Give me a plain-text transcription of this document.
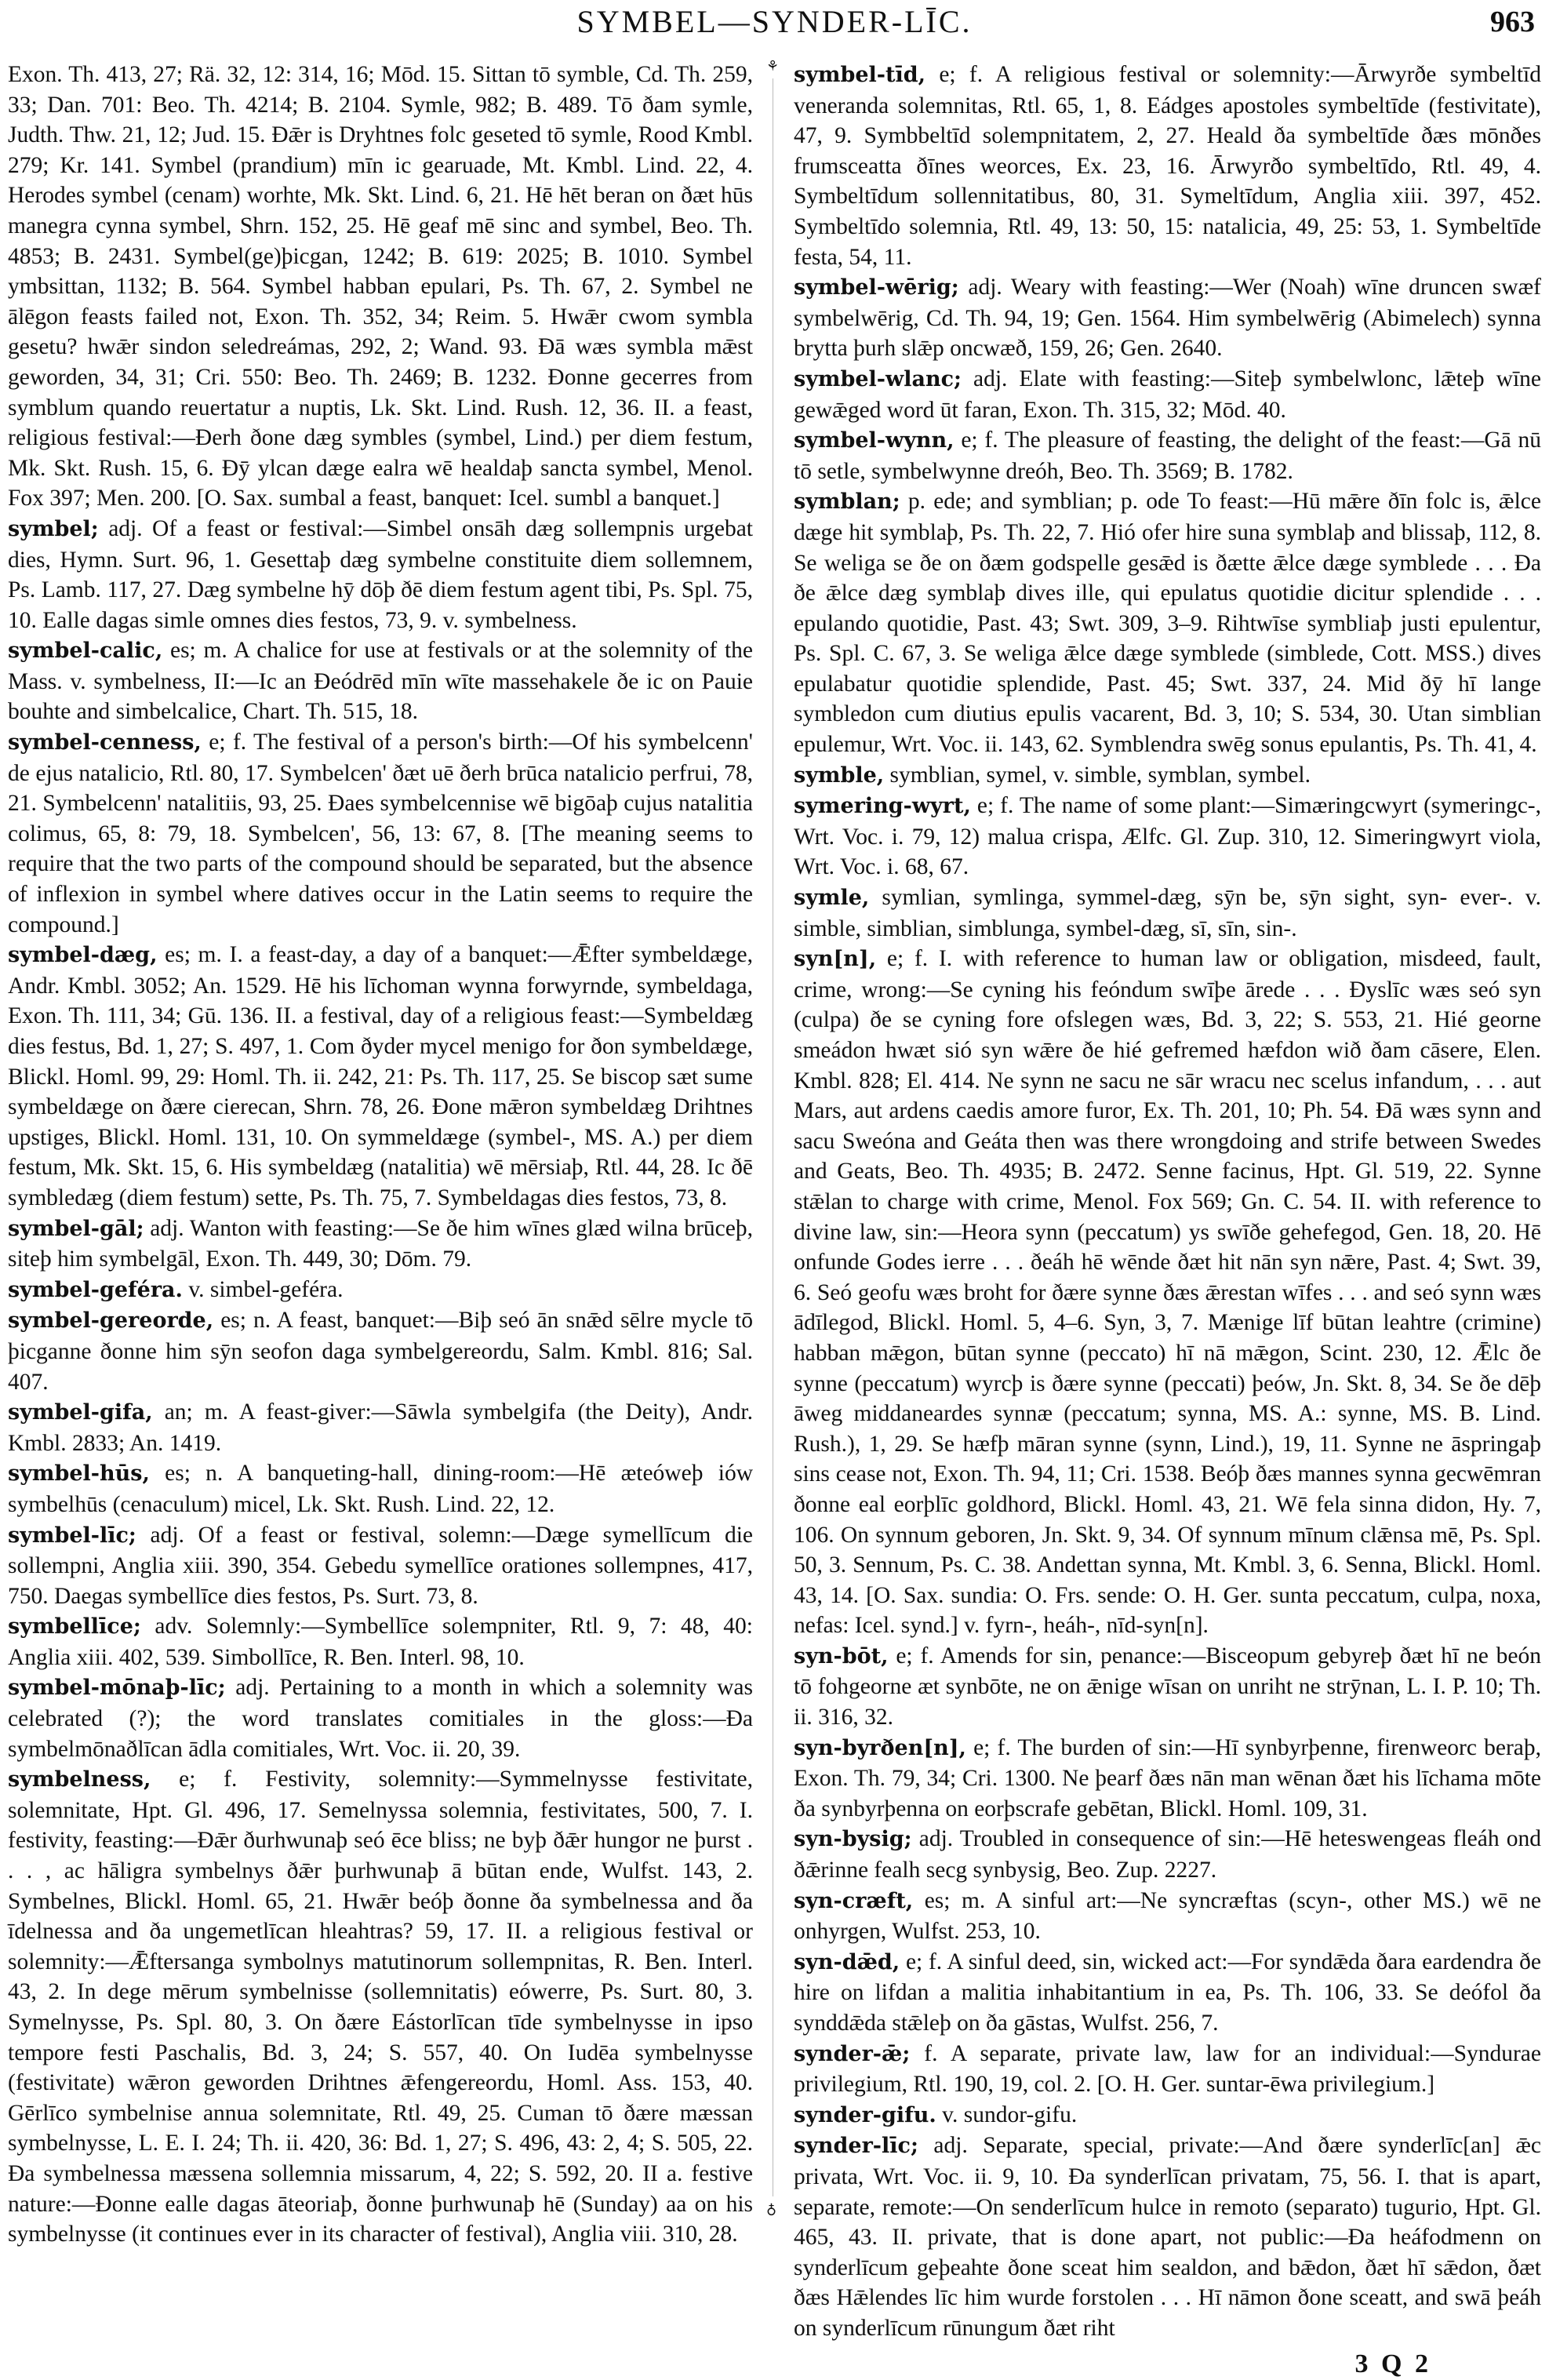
SYMBEL—SYNDER-LĪC.	963
⚘
♁

Exon. Th. 413, 27; Rä. 32, 12: 314, 16; Mōd. 15. Sittan tō symble, Cd. Th. 259, 33; Dan. 701: Beo. Th. 4214; B. 2104. Symle, 982; B. 489. Tō ðam symle, Judth. Thw. 21, 12; Jud. 15. Ðǣr is Dryhtnes folc geseted tō symle, Rood Kmbl. 279; Kr. 141. Symbel (prandium) mīn ic gearuade, Mt. Kmbl. Lind. 22, 4. Herodes symbel (cenam) worhte, Mk. Skt. Lind. 6, 21. Hē hēt beran on ðæt hūs manegra cynna symbel, Shrn. 152, 25. Hē geaf mē sinc and symbel, Beo. Th. 4853; B. 2431. Symbel(ge)þicgan, 1242; B. 619: 2025; B. 1010. Symbel ymbsittan, 1132; B. 564. Symbel habban epulari, Ps. Th. 67, 2. Symbel ne ālēgon feasts failed not, Exon. Th. 352, 34; Reim. 5. Hwǣr cwom symbla gesetu? hwǣr sindon seledreámas, 292, 2; Wand. 93. Ðā wæs symbla mǣst geworden, 34, 31; Cri. 550: Beo. Th. 2469; B. 1232. Ðonne gecerres from symblum quando reuertatur a nuptis, Lk. Skt. Lind. Rush. 12, 36. II. a feast, religious festival:—Ðerh ðone dæg symbles (symbel, Lind.) per diem festum, Mk. Skt. Rush. 15, 6. Ðȳ ylcan dæge ealra wē healdaþ sancta symbel, Menol. Fox 397; Men. 200. [O. Sax. sumbal a feast, banquet: Icel. sumbl a banquet.]

symbel; adj. Of a feast or festival:—Simbel onsāh dæg sollempnis urgebat dies, Hymn. Surt. 96, 1. Gesettaþ dæg symbelne constituite diem sollemnem, Ps. Lamb. 117, 27. Dæg symbelne hȳ dōþ ðē diem festum agent tibi, Ps. Spl. 75, 10. Ealle dagas simle omnes dies festos, 73, 9. v. symbelness.

symbel-calic, es; m. A chalice for use at festivals or at the solemnity of the Mass. v. symbelness, II:—Ic an Ðeódrēd mīn wīte massehakele ðe ic on Pauie bouhte and simbelcalice, Chart. Th. 515, 18.

symbel-cenness, e; f. The festival of a person's birth:—Of his symbelcenn' de ejus natalicio, Rtl. 80, 17. Symbelcen' ðæt uē ðerh brūca natalicio perfrui, 78, 21. Symbelcenn' natalitiis, 93, 25. Ðaes symbelcennise wē bigōaþ cujus natalitia colimus, 65, 8: 79, 18. Symbelcen', 56, 13: 67, 8. [The meaning seems to require that the two parts of the compound should be separated, but the absence of inflexion in symbel where datives occur in the Latin seems to require the compound.]

symbel-dæg, es; m. I. a feast-day, a day of a banquet:—Ǣfter symbeldæge, Andr. Kmbl. 3052; An. 1529. Hē his līchoman wynna forwyrnde, symbeldaga, Exon. Th. 111, 34; Gū. 136. II. a festival, day of a religious feast:—Symbeldæg dies festus, Bd. 1, 27; S. 497, 1. Com ðyder mycel menigo for ðon symbeldæge, Blickl. Homl. 99, 29: Homl. Th. ii. 242, 21: Ps. Th. 117, 25. Se biscop sæt sume symbeldæge on ðære cierecan, Shrn. 78, 26. Ðone mǣron symbeldæg Drihtnes upstiges, Blickl. Homl. 131, 10. On symmeldæge (symbel-, MS. A.) per diem festum, Mk. Skt. 15, 6. His symbeldæg (natalitia) wē mērsiaþ, Rtl. 44, 28. Ic ðē symbledæg (diem festum) sette, Ps. Th. 75, 7. Symbeldagas dies festos, 73, 8.

symbel-gāl; adj. Wanton with feasting:—Se ðe him wīnes glæd wilna brūceþ, siteþ him symbelgāl, Exon. Th. 449, 30; Dōm. 79.

symbel-geféra. v. simbel-geféra.

symbel-gereorde, es; n. A feast, banquet:—Biþ seó ān snǣd sēlre mycle tō þicganne ðonne him sȳn seofon daga symbelgereordu, Salm. Kmbl. 816; Sal. 407.

symbel-gifa, an; m. A feast-giver:—Sāwla symbelgifa (the Deity), Andr. Kmbl. 2833; An. 1419.

symbel-hūs, es; n. A banqueting-hall, dining-room:—Hē æteóweþ iów symbelhūs (cenaculum) micel, Lk. Skt. Rush. Lind. 22, 12.

symbel-līc; adj. Of a feast or festival, solemn:—Dæge symellīcum die sollempni, Anglia xiii. 390, 354. Gebedu symellīce orationes sollempnes, 417, 750. Daegas symbellīce dies festos, Ps. Surt. 73, 8.

symbellīce; adv. Solemnly:—Symbellīce solempniter, Rtl. 9, 7: 48, 40: Anglia xiii. 402, 539. Simbollīce, R. Ben. Interl. 98, 10.

symbel-mōnaþ-līc; adj. Pertaining to a month in which a solemnity was celebrated (?); the word translates comitiales in the gloss:—Ða symbelmōnaðlīcan ādla comitiales, Wrt. Voc. ii. 20, 39.

symbelness, e; f. Festivity, solemnity:—Symmelnysse festivitate, solemnitate, Hpt. Gl. 496, 17. Semelnyssa solemnia, festivitates, 500, 7. I. festivity, feasting:—Ðǣr ðurhwunaþ seó ēce bliss; ne byþ ðǣr hungor ne þurst . . . , ac hāligra symbelnys ðǣr þurhwunaþ ā būtan ende, Wulfst. 143, 2. Symbelnes, Blickl. Homl. 65, 21. Hwǣr beóþ ðonne ða symbelnessa and ða īdelnessa and ða ungemetlīcan hleahtras? 59, 17. II. a religious festival or solemnity:—Ǣftersanga symbolnys matutinorum sollempnitas, R. Ben. Interl. 43, 2. In dege mērum symbelnisse (sollemnitatis) eówerre, Ps. Surt. 80, 3. Symelnysse, Ps. Spl. 80, 3. On ðære Eástorlīcan tīde symbelnysse in ipso tempore festi Paschalis, Bd. 3, 24; S. 557, 40. On Iudēa symbelnysse (festivitate) wǣron geworden Drihtnes ǣfengereordu, Homl. Ass. 153, 40. Gērlīco symbelnise annua solemnitate, Rtl. 49, 25. Cuman tō ðære mæssan symbelnysse, L. E. I. 24; Th. ii. 420, 36: Bd. 1, 27; S. 496, 43: 2, 4; S. 505, 22. Ða symbelnessa mæssena sollemnia missarum, 4, 22; S. 592, 20. II a. festive nature:—Ðonne ealle dagas āteoriaþ, ðonne þurhwunaþ hē (Sunday) aa on his symbelnysse (it continues ever in its character of festival), Anglia viii. 310, 28.

symbel-tīd, e; f. A religious festival or solemnity:—Ārwyrðe symbeltīd veneranda solemnitas, Rtl. 65, 1, 8. Eádges apostoles symbeltīde (festivitate), 47, 9. Symbbeltīd solempnitatem, 2, 27. Heald ða symbeltīde ðæs mōnðes frumsceatta ðīnes weorces, Ex. 23, 16. Ārwyrðo symbeltīdo, Rtl. 49, 4. Symbeltīdum sollennitatibus, 80, 31. Symeltīdum, Anglia xiii. 397, 452. Symbeltīdo solemnia, Rtl. 49, 13: 50, 15: natalicia, 49, 25: 53, 1. Symbeltīde festa, 54, 11.

symbel-wērig; adj. Weary with feasting:—Wer (Noah) wīne druncen swæf symbelwērig, Cd. Th. 94, 19; Gen. 1564. Him symbelwērig (Abimelech) synna brytta þurh slǣp oncwæð, 159, 26; Gen. 2640.

symbel-wlanc; adj. Elate with feasting:—Siteþ symbelwlonc, lǣteþ wīne gewǣged word ūt faran, Exon. Th. 315, 32; Mōd. 40.

symbel-wynn, e; f. The pleasure of feasting, the delight of the feast:—Gā nū tō setle, symbelwynne dreóh, Beo. Th. 3569; B. 1782.

symblan; p. ede; and symblian; p. ode To feast:—Hū mǣre ðīn folc is, ǣlce dæge hit symblaþ, Ps. Th. 22, 7. Hió ofer hire suna symblaþ and blissaþ, 112, 8. Se weliga se ðe on ðæm godspelle gesǣd is ðætte ǣlce dæge symblede . . . Ða ðe ǣlce dæg symblaþ dives ille, qui epulatus quotidie dicitur splendide . . . epulando quotidie, Past. 43; Swt. 309, 3–9. Rihtwīse symbliaþ justi epulentur, Ps. Spl. C. 67, 3. Se weliga ǣlce dæge symblede (simblede, Cott. MSS.) dives epulabatur quotidie splendide, Past. 45; Swt. 337, 24. Mid ðȳ hī lange symbledon cum diutius epulis vacarent, Bd. 3, 10; S. 534, 30. Utan simblian epulemur, Wrt. Voc. ii. 143, 62. Symblendra swēg sonus epulantis, Ps. Th. 41, 4.

symble, symblian, symel, v. simble, symblan, symbel.

symering-wyrt, e; f. The name of some plant:—Simæringcwyrt (symeringc-, Wrt. Voc. i. 79, 12) malua crispa, Ælfc. Gl. Zup. 310, 12. Simeringwyrt viola, Wrt. Voc. i. 68, 67.

symle, symlian, symlinga, symmel-dæg, sȳn be, sȳn sight, syn- ever-. v. simble, simblian, simblunga, symbel-dæg, sī, sīn, sin-.

syn[n], e; f. I. with reference to human law or obligation, misdeed, fault, crime, wrong:—Se cyning his feóndum swīþe ārede . . . Ðyslīc wæs seó syn (culpa) ðe se cyning fore ofslegen wæs, Bd. 3, 22; S. 553, 21. Hié georne smeádon hwæt sió syn wǣre ðe hié gefremed hæfdon wið ðam cāsere, Elen. Kmbl. 828; El. 414. Ne synn ne sacu ne sār wracu nec scelus infandum, . . . aut Mars, aut ardens caedis amore furor, Ex. Th. 201, 10; Ph. 54. Ðā wæs synn and sacu Sweóna and Geáta then was there wrongdoing and strife between Swedes and Geats, Beo. Th. 4935; B. 2472. Senne facinus, Hpt. Gl. 519, 22. Synne stǣlan to charge with crime, Menol. Fox 569; Gn. C. 54. II. with reference to divine law, sin:—Heora synn (peccatum) ys swīðe gehefegod, Gen. 18, 20. Hē onfunde Godes ierre . . . ðeáh hē wēnde ðæt hit nān syn nǣre, Past. 4; Swt. 39, 6. Seó geofu wæs broht for ðære synne ðæs ǣrestan wīfes . . . and seó synn wæs ādīlegod, Blickl. Homl. 5, 4–6. Syn, 3, 7. Mænige līf būtan leahtre (crimine) habban mǣgon, būtan synne (peccato) hī nā mǣgon, Scint. 230, 12. Ǣlc ðe synne (peccatum) wyrcþ is ðære synne (peccati) þeów, Jn. Skt. 8, 34. Se ðe dēþ āweg middaneardes synnæ (peccatum; synna, MS. A.: synne, MS. B. Lind. Rush.), 1, 29. Se hæfþ māran synne (synn, Lind.), 19, 11. Synne ne āspringaþ sins cease not, Exon. Th. 94, 11; Cri. 1538. Beóþ ðæs mannes synna gecwēmran ðonne eal eorþlīc goldhord, Blickl. Homl. 43, 21. Wē fela sinna didon, Hy. 7, 106. On synnum geboren, Jn. Skt. 9, 34. Of synnum mīnum clǣnsa mē, Ps. Spl. 50, 3. Sennum, Ps. C. 38. Andettan synna, Mt. Kmbl. 3, 6. Senna, Blickl. Homl. 43, 14. [O. Sax. sundia: O. Frs. sende: O. H. Ger. sunta peccatum, culpa, noxa, nefas: Icel. synd.] v. fyrn-, heáh-, nīd-syn[n].

syn-bōt, e; f. Amends for sin, penance:—Bisceopum gebyreþ ðæt hī ne beón tō fohgeorne æt synbōte, ne on ǣnige wīsan on unriht ne strȳnan, L. I. P. 10; Th. ii. 316, 32.

syn-byrðen[n], e; f. The burden of sin:—Hī synbyrþenne, firenweorc beraþ, Exon. Th. 79, 34; Cri. 1300. Ne þearf ðæs nān man wēnan ðæt his līchama mōte ða synbyrþenna on eorþscrafe gebētan, Blickl. Homl. 109, 31.

syn-bysig; adj. Troubled in consequence of sin:—Hē heteswengeas fleáh ond ðǣrinne fealh secg synbysig, Beo. Zup. 2227.

syn-cræft, es; m. A sinful art:—Ne syncræftas (scyn-, other MS.) wē ne onhyrgen, Wulfst. 253, 10.

syn-dǣd, e; f. A sinful deed, sin, wicked act:—For syndǣda ðara eardendra ðe hire on lifdan a malitia inhabitantium in ea, Ps. Th. 106, 33. Se deófol ða synddǣda stǣleþ on ða gāstas, Wulfst. 256, 7.

synder-ǣ; f. A separate, private law, law for an individual:—Syndurae privilegium, Rtl. 190, 19, col. 2. [O. H. Ger. suntar-ēwa privilegium.]

synder-gifu. v. sundor-gifu.

synder-līc; adj. Separate, special, private:—And ðære synderlīc[an] ǣc privata, Wrt. Voc. ii. 9, 10. Ða synderlīcan privatam, 75, 56. I. that is apart, separate, remote:—On senderlīcum hulce in remoto (separato) tugurio, Hpt. Gl. 465, 43. II. private, that is done apart, not public:—Ða heáfodmenn on synderlīcum geþeahte ðone sceat him sealdon, and bǣdon, ðæt hī sǣdon, ðæt ðæs Hǣlendes līc him wurde forstolen . . . Hī nāmon ðone sceatt, and swā þeáh on synderlīcum rūnungum ðæt riht

3 Q 2
